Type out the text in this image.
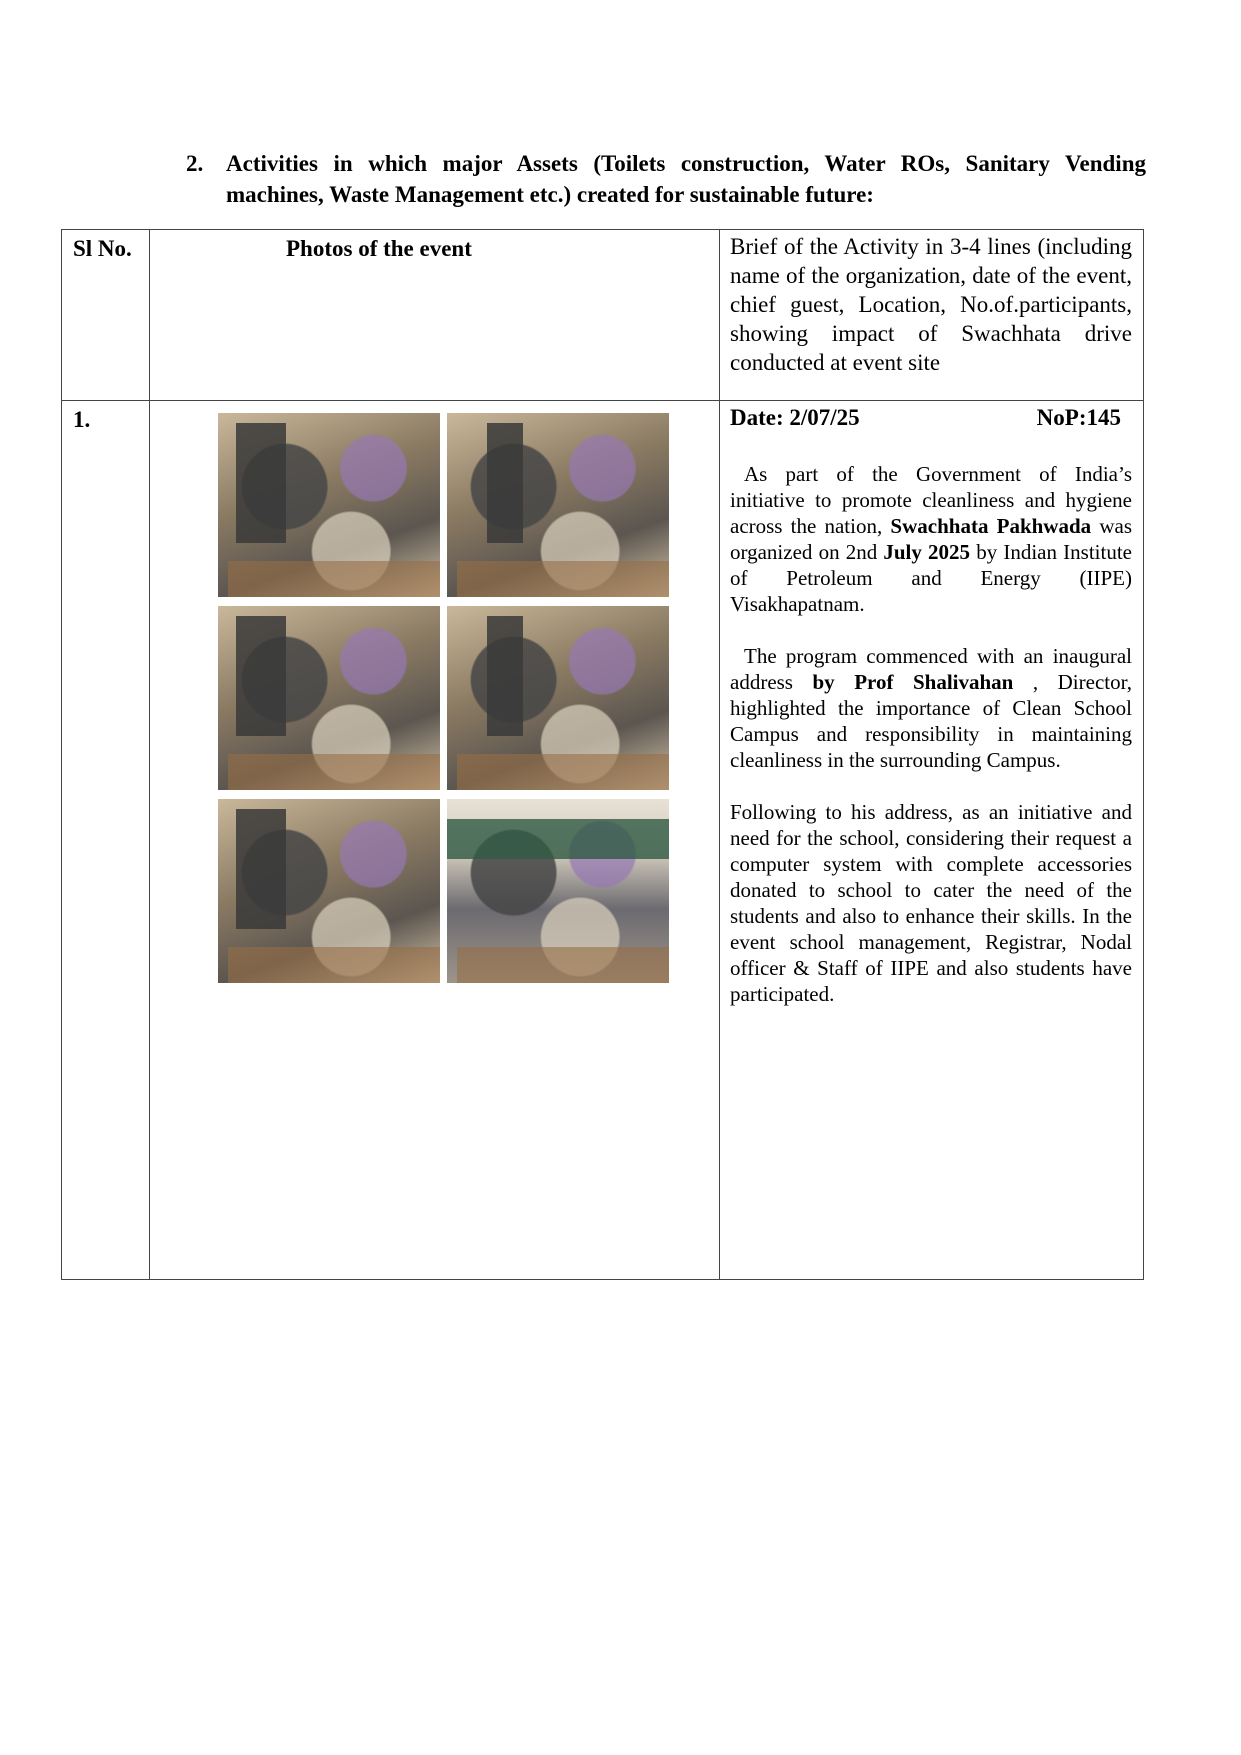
2. Activities in which major Assets (Toilets construction, Water ROs, Sanitary Vending machines, Waste Management etc.) created for sustainable future:
Sl No.	Photos of the event	Brief of the Activity in 3-4 lines (including name of the organization, date of the event, chief guest, Location, No.of.participants, showing impact of Swachhata drive conducted at event site
1.		Date: 2/07/25 NoP:145

As part of the Government of India’s initiative to promote cleanliness and hygiene across the nation, Swachhata Pakhwada was organized on 2nd July 2025 by Indian Institute of Petroleum and Energy (IIPE) Visakhapatnam.

The program commenced with an inaugural address by Prof Shalivahan , Director, highlighted the importance of Clean School Campus and responsibility in maintaining cleanliness in the surrounding Campus.

Following to his address, as an initiative and need for the school, considering their request a computer system with complete accessories donated to school to cater the need of the students and also to enhance their skills. In the event school management, Registrar, Nodal officer & Staff of IIPE and also students have participated.
